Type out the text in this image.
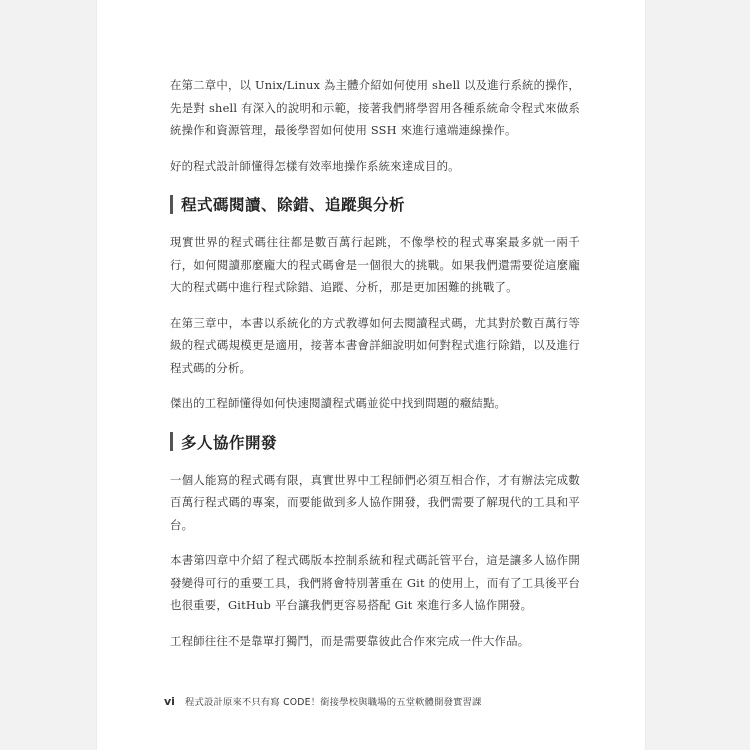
在第二章中，以 Unix/Linux 為主體介紹如何使用 shell 以及進行系統的操作，先是對 shell 有深入的說明和示範，接著我們將學習用各種系統命令程式來做系統操作和資源管理，最後學習如何使用 SSH 來進行遠端連線操作。

好的程式設計師懂得怎樣有效率地操作系統來達成目的。

程式碼閱讀、除錯、追蹤與分析

現實世界的程式碼往往都是數百萬行起跳，不像學校的程式專案最多就一兩千行，如何閱讀那麼龐大的程式碼會是一個很大的挑戰。如果我們還需要從這麼龐大的程式碼中進行程式除錯、追蹤、分析，那是更加困難的挑戰了。

在第三章中，本書以系統化的方式教導如何去閱讀程式碼，尤其對於數百萬行等級的程式碼規模更是適用，接著本書會詳細說明如何對程式進行除錯，以及進行程式碼的分析。

傑出的工程師懂得如何快速閱讀程式碼並從中找到問題的癥結點。

多人協作開發

一個人能寫的程式碼有限，真實世界中工程師們必須互相合作，才有辦法完成數百萬行程式碼的專案，而要能做到多人協作開發，我們需要了解現代的工具和平台。

本書第四章中介紹了程式碼版本控制系統和程式碼託管平台，這是讓多人協作開發變得可行的重要工具，我們將會特別著重在 Git 的使用上，而有了工具後平台也很重要，GitHub 平台讓我們更容易搭配 Git 來進行多人協作開發。

工程師往往不是靠單打獨鬥，而是需要靠彼此合作來完成一件大作品。

vi 程式設計原來不只有寫 CODE！銜接學校與職場的五堂軟體開發實習課
